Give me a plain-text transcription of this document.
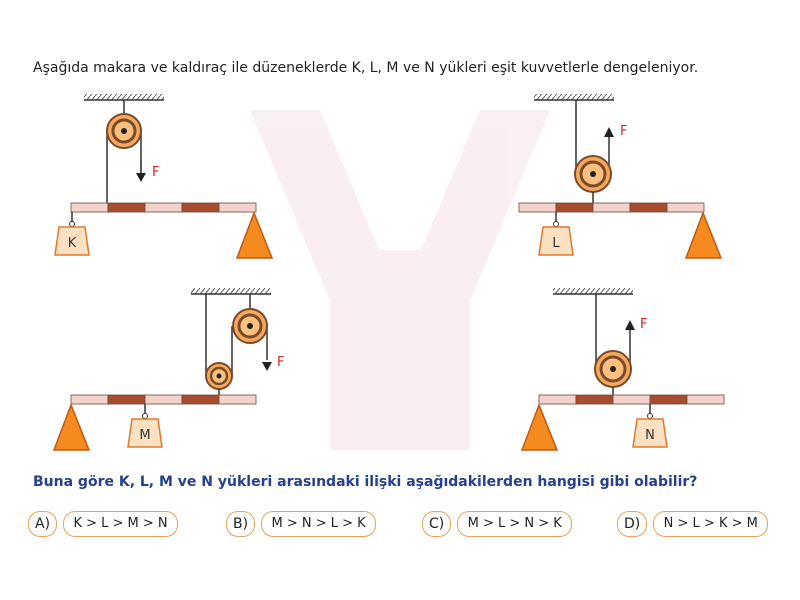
Aşağıda makara ve kaldıraç ile düzeneklerde K, L, M ve N yükleri eşit kuvvetlerle dengeleniyor.

F
K
F
L
F
M
F
N

Buna göre K, L, M ve N yükleri arasındaki ilişki aşağıdakilerden hangisi gibi olabilir?

A)	K > L > M > N	B)	M > N > L > K	C)	M > L > N > K	D)	N > L > K > M
